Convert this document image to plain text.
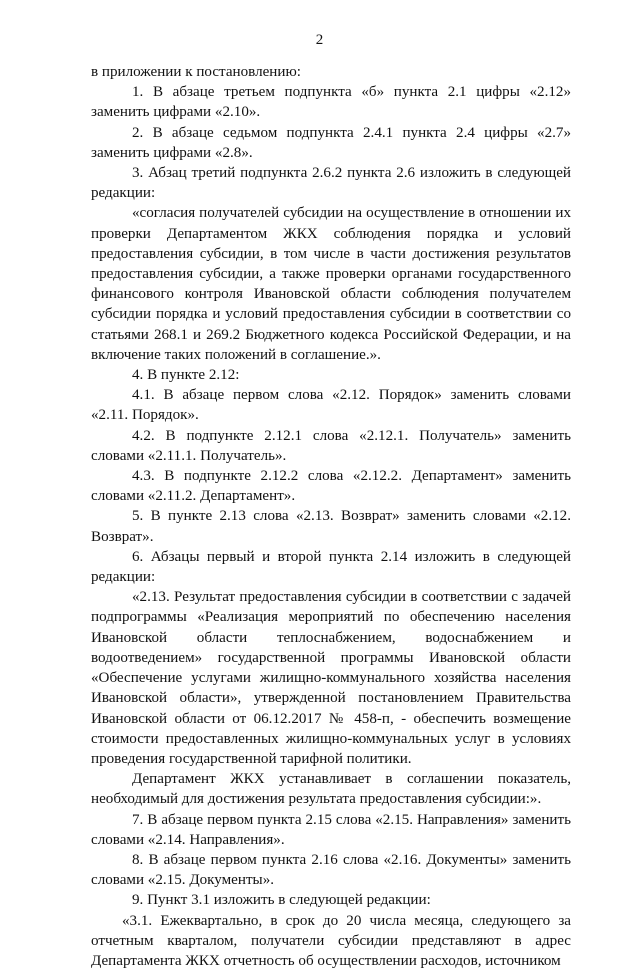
2

в приложении к постановлению:

1. В абзаце третьем подпункта «б» пункта 2.1 цифры «2.12» заменить цифрами «2.10».

2. В абзаце седьмом подпункта 2.4.1 пункта 2.4 цифры «2.7» заменить цифрами «2.8».

3. Абзац третий подпункта 2.6.2 пункта 2.6 изложить в следующей редакции:

«согласия получателей субсидии на осуществление в отношении их проверки Департаментом ЖКХ соблюдения порядка и условий предоставления субсидии, в том числе в части достижения результатов предоставления субсидии, а также проверки органами государственного финансового контроля Ивановской области соблюдения получателем субсидии порядка и условий предоставления субсидии в соответствии со статьями 268.1 и 269.2 Бюджетного кодекса Российской Федерации, и на включение таких положений в соглашение.».

4. В пункте 2.12:

4.1. В абзаце первом слова «2.12. Порядок» заменить словами «2.11. Порядок».

4.2. В подпункте 2.12.1 слова «2.12.1. Получатель» заменить словами «2.11.1. Получатель».

4.3. В подпункте 2.12.2 слова «2.12.2. Департамент» заменить словами «2.11.2. Департамент».

5. В пункте 2.13 слова «2.13. Возврат» заменить словами «2.12. Возврат».

6. Абзацы первый и второй пункта 2.14 изложить в следующей редакции:

«2.13. Результат предоставления субсидии в соответствии с задачей подпрограммы «Реализация мероприятий по обеспечению населения Ивановской области теплоснабжением, водоснабжением и водоотведением» государственной программы Ивановской области «Обеспечение услугами жилищно-коммунального хозяйства населения Ивановской области», утвержденной постановлением Правительства Ивановской области от 06.12.2017 № 458-п, - обеспечить возмещение стоимости предоставленных жилищно-коммунальных услуг в условиях проведения государственной тарифной политики.

Департамент ЖКХ устанавливает в соглашении показатель, необходимый для достижения результата предоставления субсидии:».

7. В абзаце первом пункта 2.15 слова «2.15. Направления» заменить словами «2.14. Направления».

8. В абзаце первом пункта 2.16 слова «2.16. Документы» заменить словами «2.15. Документы».

9. Пункт 3.1 изложить в следующей редакции:

«3.1. Ежеквартально, в срок до 20 числа месяца, следующего за отчетным кварталом, получатели субсидии представляют в адрес Департамента ЖКХ отчетность об осуществлении расходов, источником
